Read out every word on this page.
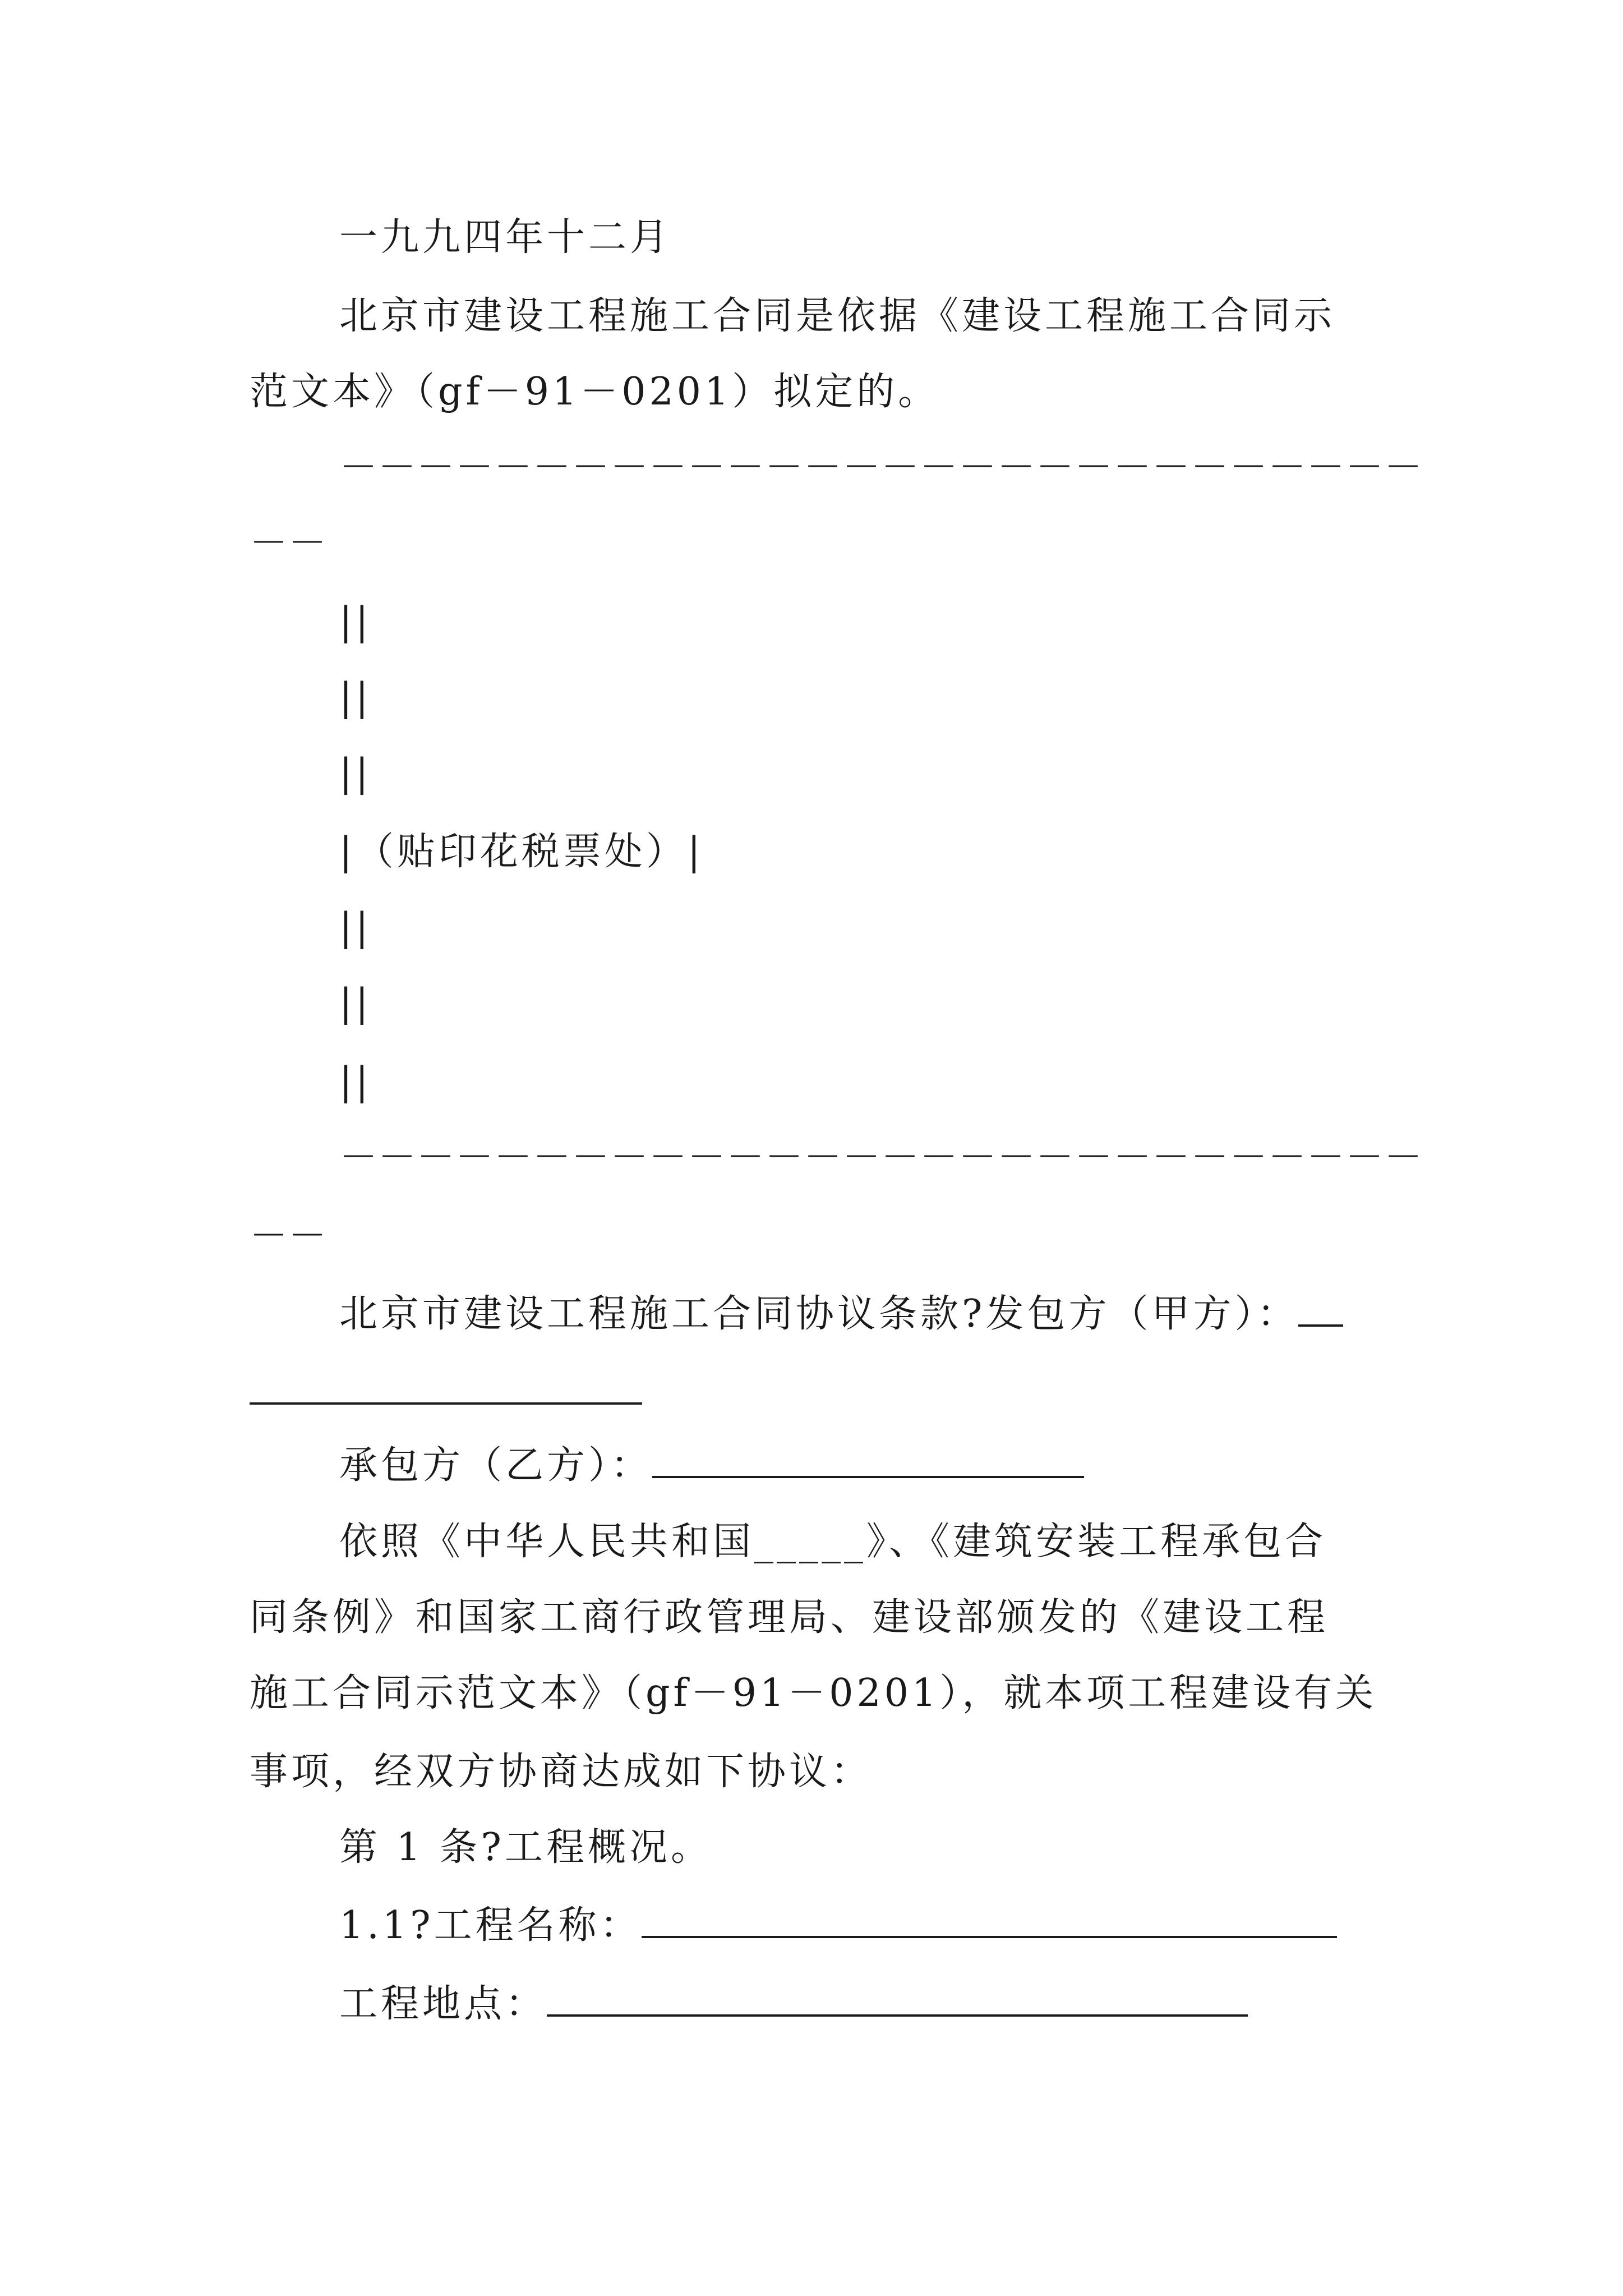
一九九四年十二月
北京市建设工程施工合同是依据《建设工程施工合同示
范文本》（gf－91－0201）拟定的。
－－－－－－－－－－－－－－－－－－－－－－－－－－－－
－－
||
||
||
|（贴印花税票处）|
||
||
||
－－－－－－－－－－－－－－－－－－－－－－－－－－－－
－－
北京市建设工程施工合同协议条款?发包方（甲方）：
承包方（乙方）：
依照《中华人民共和国_____》、《建筑安装工程承包合
同条例》和国家工商行政管理局、建设部颁发的《建设工程
施工合同示范文本》（gf－91－0201），就本项工程建设有关
事项，经双方协商达成如下协议：
第 1 条?工程概况。
1.1?工程名称：
工程地点：
